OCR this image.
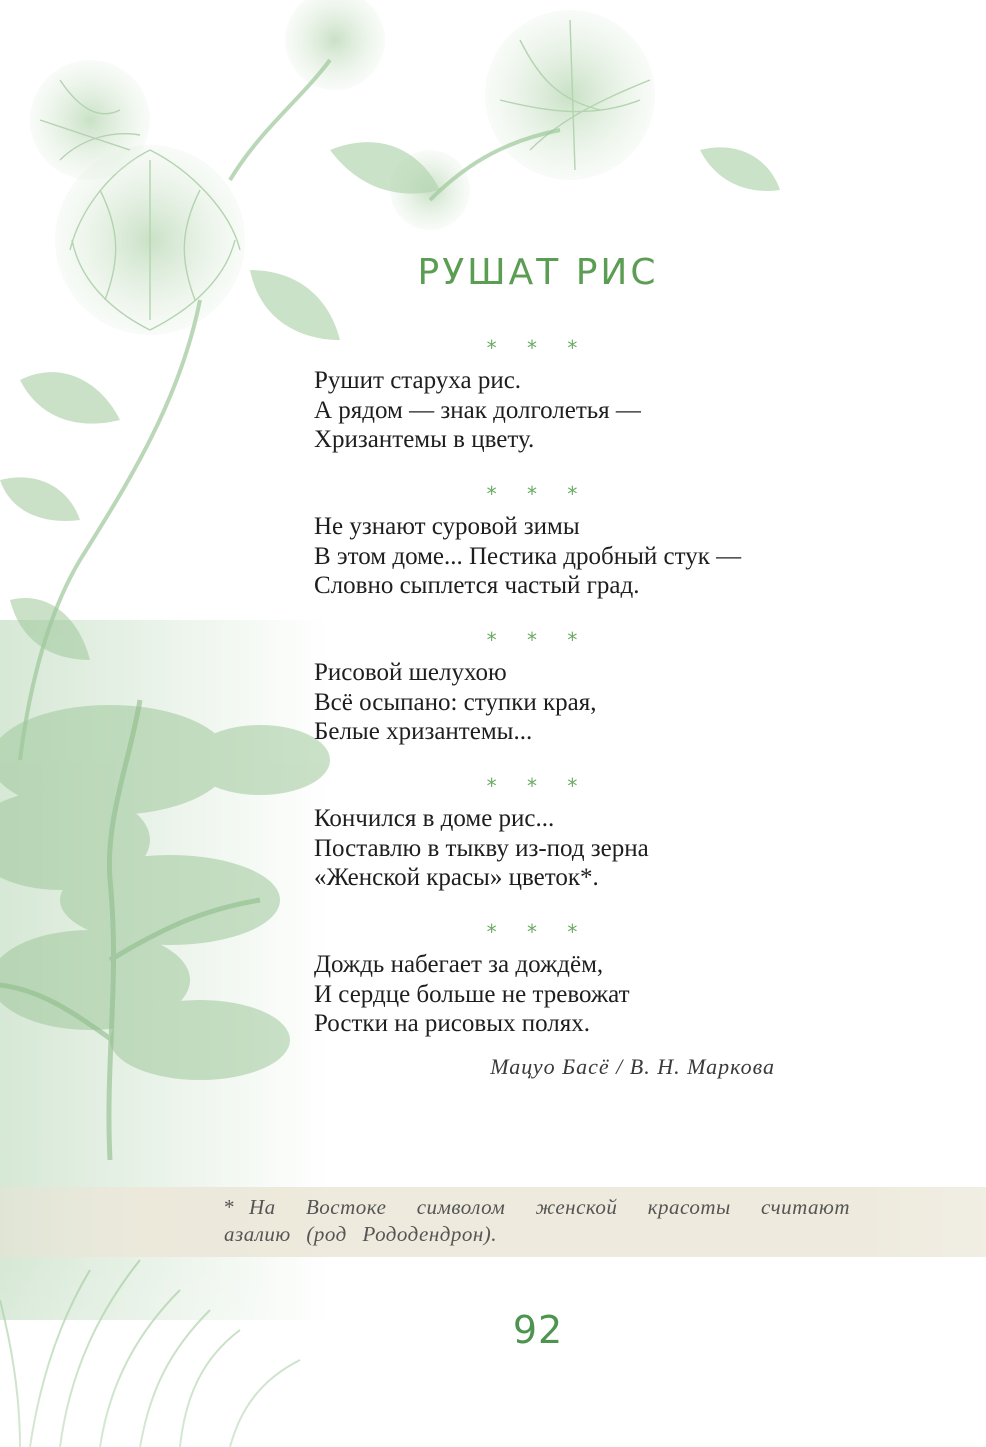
РУШАТ РИС
* * *
Рушит старуха рис.
А рядом — знак долголетья —
Хризантемы в цвету.
* * *
Не узнают суровой зимы
В этом доме... Пестика дробный стук —
Словно сыплется частый град.
* * *
Рисовой шелухою
Всё осыпано: ступки края,
Белые хризантемы...
* * *
Кончился в доме рис...
Поставлю в тыкву из-под зерна
«Женской красы» цветок*.
* * *
Дождь набегает за дождём,
И сердце больше не тревожат
Ростки на рисовых полях.
Мацуо Басё / В. Н. Маркова
* На Востоке символом женской красоты считают азалию (род Рододендрон).
92
